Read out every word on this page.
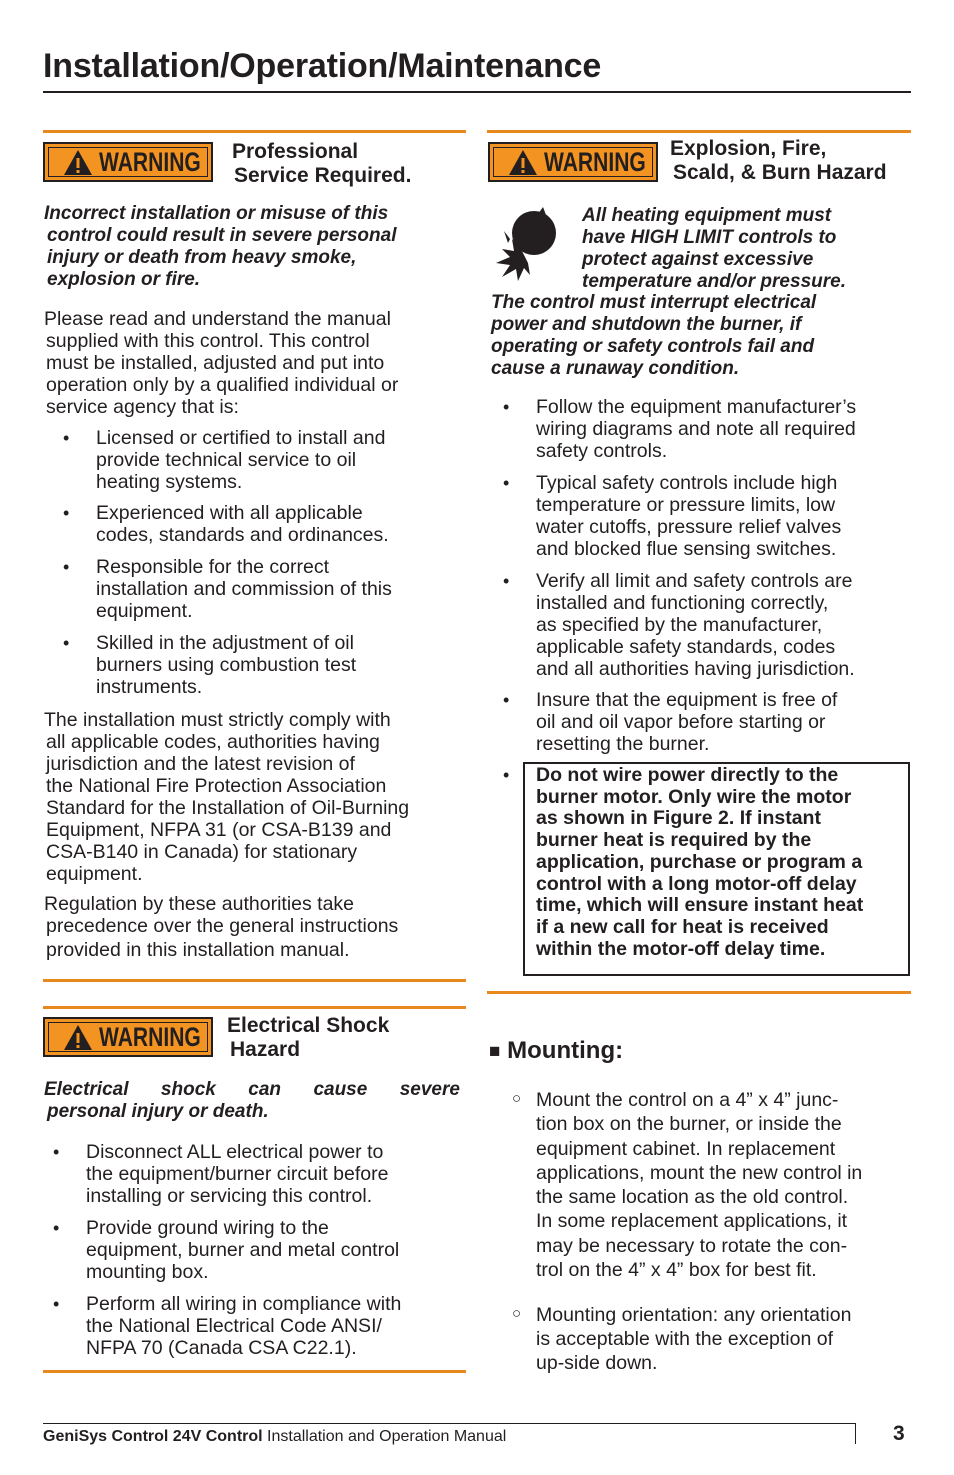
Installation/Operation/Maintenance
WARNING Professional
Service Required.
Incorrect installation or misuse of this
control could result in severe personal
injury or death from heavy smoke,
explosion or fire.
Please read and understand the manual
supplied with this control. This control
must be installed, adjusted and put into
operation only by a qualified individual or
service agency that is:
• Licensed or certified to install and
provide technical service to oil
heating systems.
• Experienced with all applicable
codes, standards and ordinances.
• Responsible for the correct
installation and commission of this
equipment.
• Skilled in the adjustment of oil
burners using combustion test
instruments.
The installation must strictly comply with
all applicable codes, authorities having
jurisdiction and the latest revision of
the National Fire Protection Association
Standard for the Installation of Oil-Burning
Equipment, NFPA 31 (or CSA-B139 and
CSA-B140 in Canada) for stationary
equipment.
Regulation by these authorities take
precedence over the general instructions
provided in this installation manual.
WARNING Electrical Shock
Hazard
Electrical shock can cause severe
personal injury or death.
• Disconnect ALL electrical power to
the equipment/burner circuit before
installing or servicing this control.
• Provide ground wiring to the
equipment, burner and metal control
mounting box.
• Perform all wiring in compliance with
the National Electrical Code ANSI/
NFPA 70 (Canada CSA C22.1).
WARNING Explosion, Fire,
Scald, & Burn Hazard
All heating equipment must
have HIGH LIMIT controls to
protect against excessive
temperature and/or pressure.
The control must interrupt electrical
power and shutdown the burner, if
operating or safety controls fail and
cause a runaway condition.
• Follow the equipment manufacturer’s
wiring diagrams and note all required
safety controls.
• Typical safety controls include high
temperature or pressure limits, low
water cutoffs, pressure relief valves
and blocked flue sensing switches.
• Verify all limit and safety controls are
installed and functioning correctly,
as specified by the manufacturer,
applicable safety standards, codes
and all authorities having jurisdiction.
• Insure that the equipment is free of
oil and oil vapor before starting or
resetting the burner.
• Do not wire power directly to the
burner motor. Only wire the motor
as shown in Figure 2. If instant
burner heat is required by the
application, purchase or program a
control with a long motor-off delay
time, which will ensure instant heat
if a new call for heat is received
within the motor-off delay time.
■ Mounting:
○ Mount the control on a 4” x 4” junc-
tion box on the burner, or inside the
equipment cabinet. In replacement
applications, mount the new control in
the same location as the old control.
In some replacement applications, it
may be necessary to rotate the con-
trol on the 4” x 4” box for best fit.
○ Mounting orientation: any orientation
is acceptable with the exception of
up-side down.
GeniSys Control 24V Control Installation and Operation Manual	3
